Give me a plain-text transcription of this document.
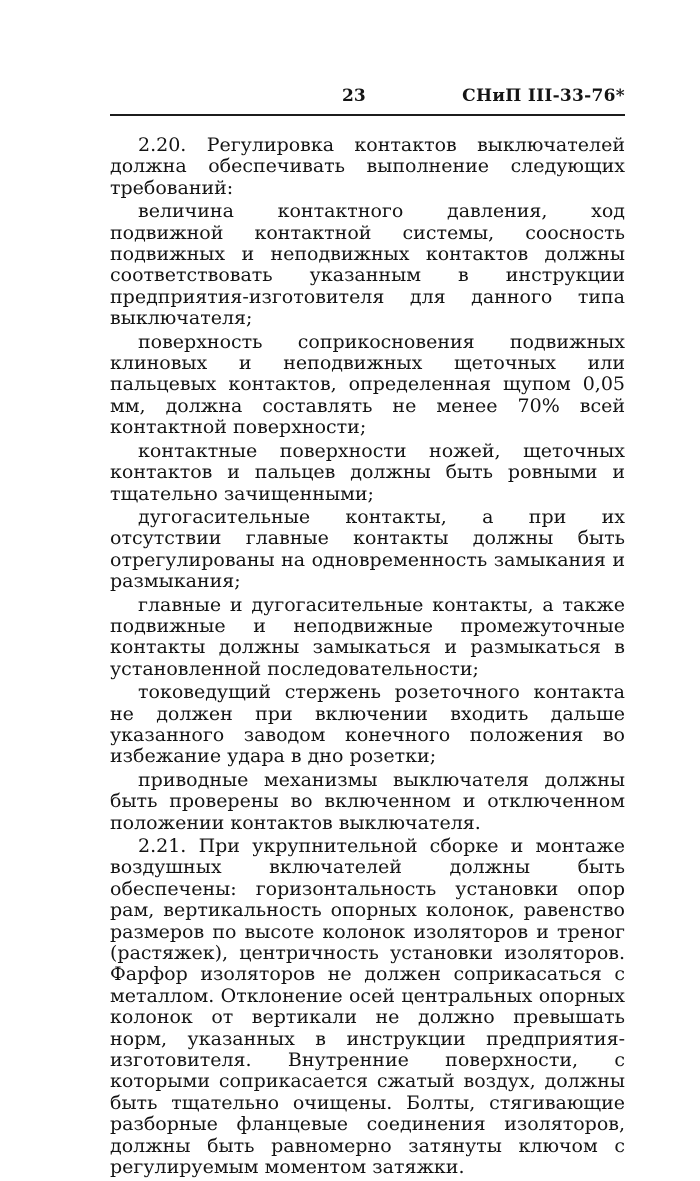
23	СНиП III-33-76*

2.20. Регулировка контактов выключателей должна обеспечивать выполнение следующих требований:

величина контактного давления, ход подвижной контактной системы, соосность подвижных и неподвижных контактов должны соответствовать указанным в инструкции предприятия-изготовителя для данного типа выключателя;

поверхность соприкосновения подвижных клиновых и неподвижных щеточных или пальцевых контактов, определенная щупом 0,05 мм, должна составлять не менее 70% всей контактной поверхности;

контактные поверхности ножей, щеточных контактов и пальцев должны быть ровными и тщательно зачищенными;

дугогасительные контакты, а при их отсутствии главные контакты должны быть отрегулированы на одновременность замыкания и размыкания;

главные и дугогасительные контакты, а также подвижные и неподвижные промежуточные контакты должны замыкаться и размыкаться в установленной последовательности;

токоведущий стержень розеточного контакта не должен при включении входить дальше указанного заводом конечного положения во избежание удара в дно розетки;

приводные механизмы выключателя должны быть проверены во включенном и отключенном положении контактов выключателя.

2.21. При укрупнительной сборке и монтаже воздушных включателей должны быть обеспечены: горизонтальность установки опор рам, вертикальность опорных колонок, равенство размеров по высоте колонок изоляторов и треног (растяжек), центричность установки изоляторов. Фарфор изоляторов не должен соприкасаться с металлом. Отклонение осей центральных опорных колонок от вертикали не должно превышать норм, указанных в инструкции предприятия-изготовителя. Внутренние поверхности, с которыми соприкасается сжатый воздух, должны быть тщательно очищены. Болты, стягивающие разборные фланцевые соединения изоляторов, должны быть равномерно затянуты ключом с регулируемым моментом затяжки.
